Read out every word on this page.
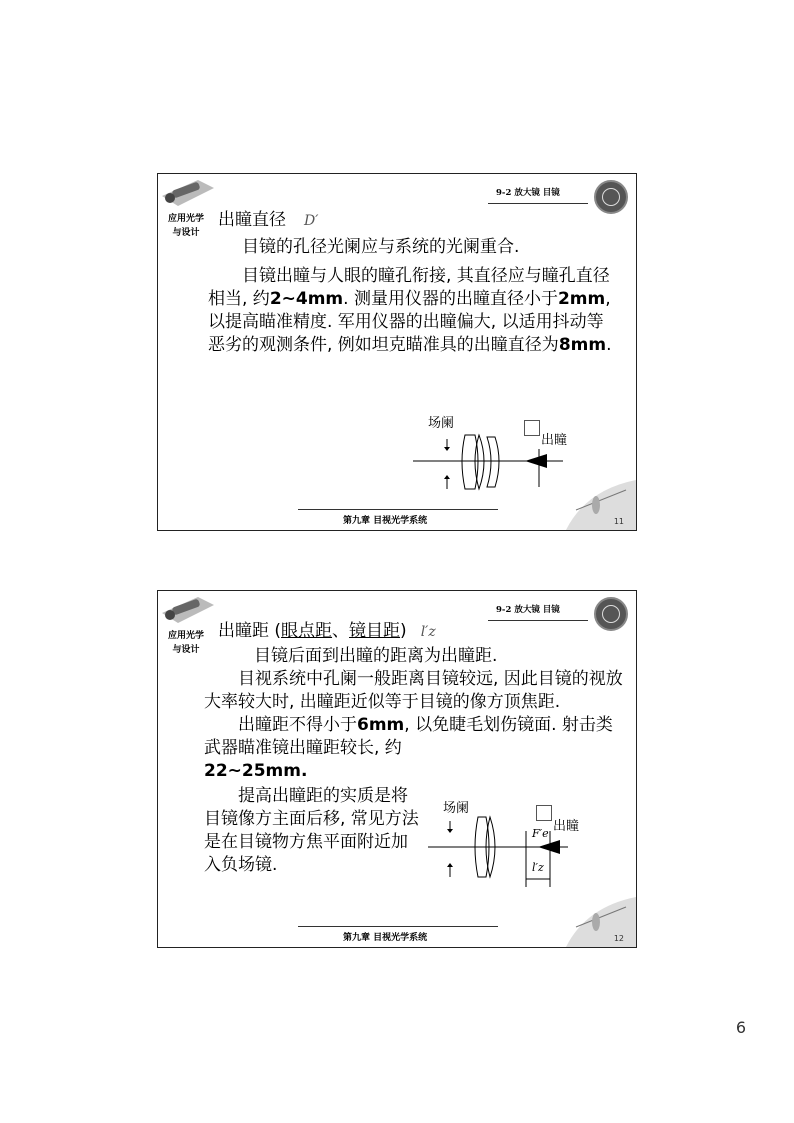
应用光学
与设计
9-2 放大镜 目镜
出瞳直径 D′

目镜的孔径光阑应与系统的光阑重合.

目镜出瞳与人眼的瞳孔衔接, 其直径应与瞳孔直径相当, 约2~4mm. 测量用仪器的出瞳直径小于2mm, 以提高瞄准精度. 军用仪器的出瞳偏大, 以适用抖动等恶劣的观测条件, 例如坦克瞄准具的出瞳直径为8mm.

场阑
出瞳
第九章 目视光学系统	11
应用光学
与设计
9-2 放大镜 目镜
出瞳距 (眼点距、镜目距) l′z

目镜后面到出瞳的距离为出瞳距.

目视系统中孔阑一般距离目镜较远, 因此目镜的视放大率较大时, 出瞳距近似等于目镜的像方顶焦距.

出瞳距不得小于6mm, 以免睫毛划伤镜面. 射击类武器瞄准镜出瞳距较长, 约
22~25mm.

提高出瞳距的实质是将目镜像方主面后移, 常见方法是在目镜物方焦平面附近加入负场镜.

场阑
出瞳
F′e
l′z
第九章 目视光学系统	12
6
